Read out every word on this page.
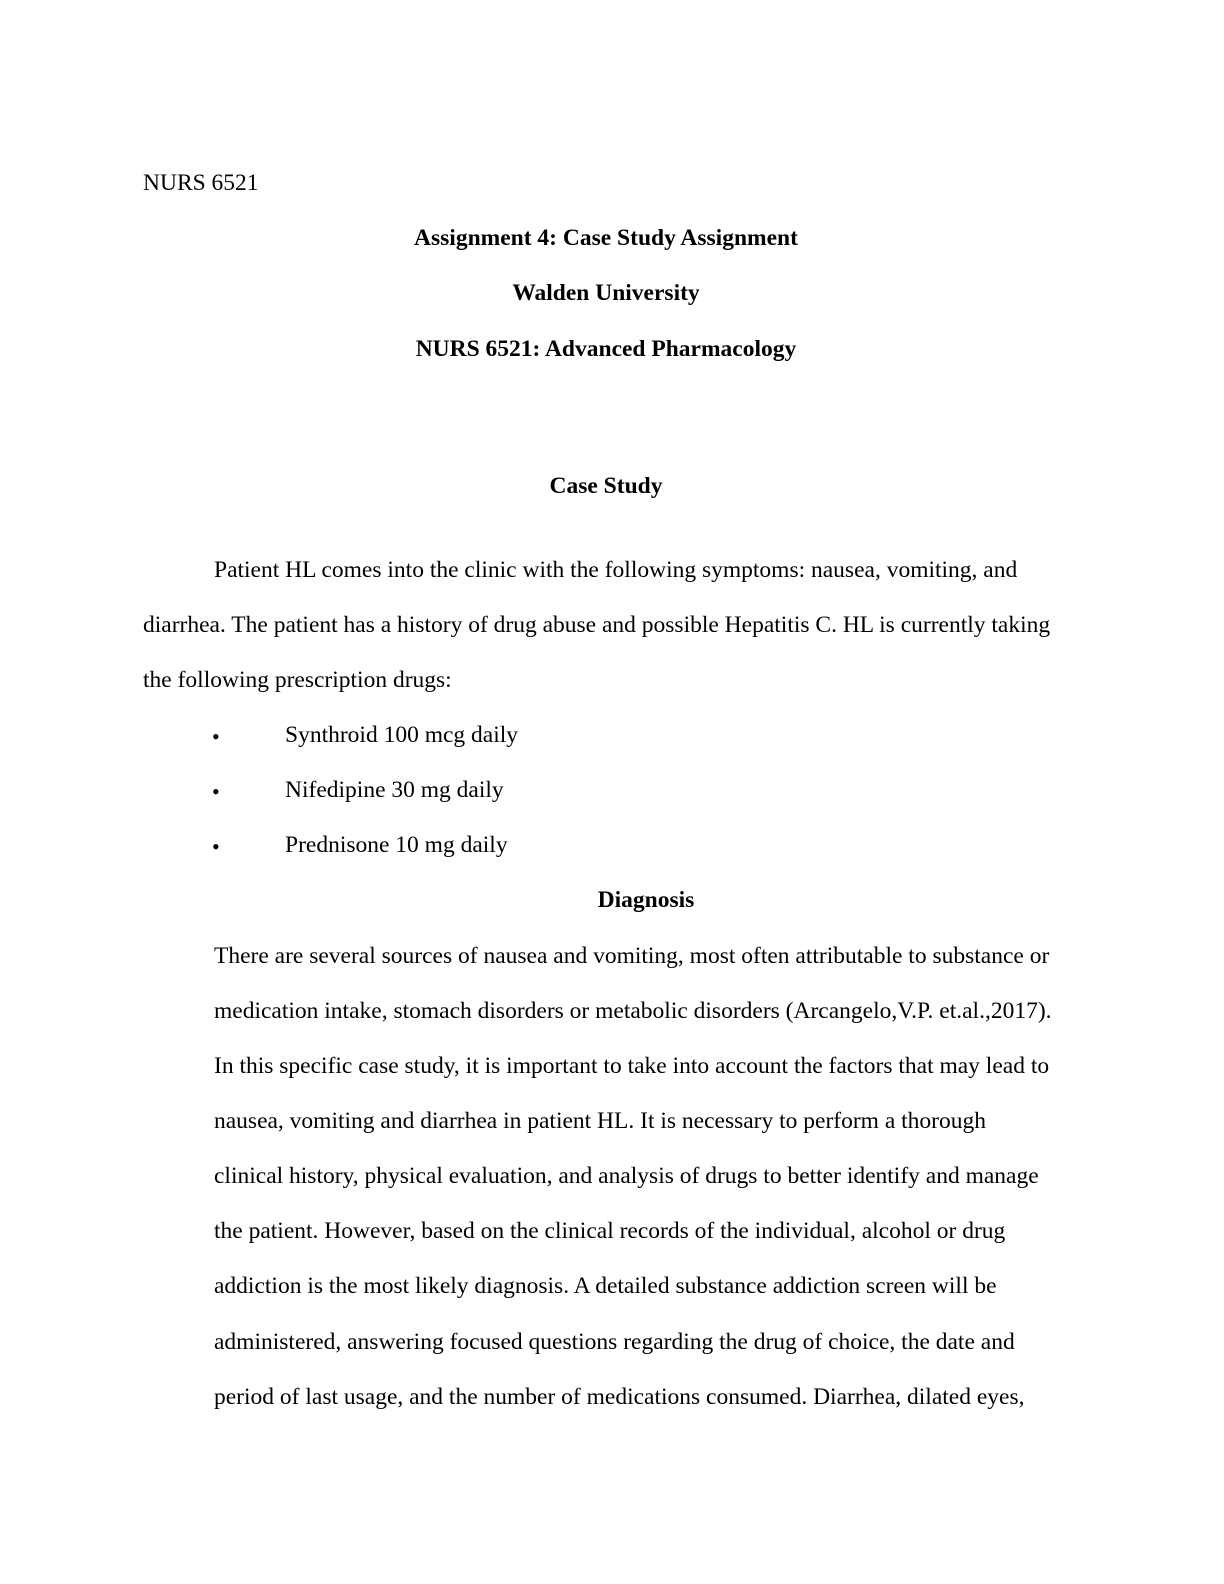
NURS 6521
Assignment 4: Case Study Assignment
Walden University
NURS 6521: Advanced Pharmacology
Case Study
Patient HL comes into the clinic with the following symptoms: nausea, vomiting, and
diarrhea. The patient has a history of drug abuse and possible Hepatitis C. HL is currently taking
the following prescription drugs:
•	Synthroid 100 mcg daily
•	Nifedipine 30 mg daily
•	Prednisone 10 mg daily
Diagnosis
There are several sources of nausea and vomiting, most often attributable to substance or
medication intake, stomach disorders or metabolic disorders (Arcangelo,V.P. et.al.,2017).
In this specific case study, it is important to take into account the factors that may lead to
nausea, vomiting and diarrhea in patient HL. It is necessary to perform a thorough
clinical history, physical evaluation, and analysis of drugs to better identify and manage
the patient. However, based on the clinical records of the individual, alcohol or drug
addiction is the most likely diagnosis. A detailed substance addiction screen will be
administered, answering focused questions regarding the drug of choice, the date and
period of last usage, and the number of medications consumed. Diarrhea, dilated eyes,
